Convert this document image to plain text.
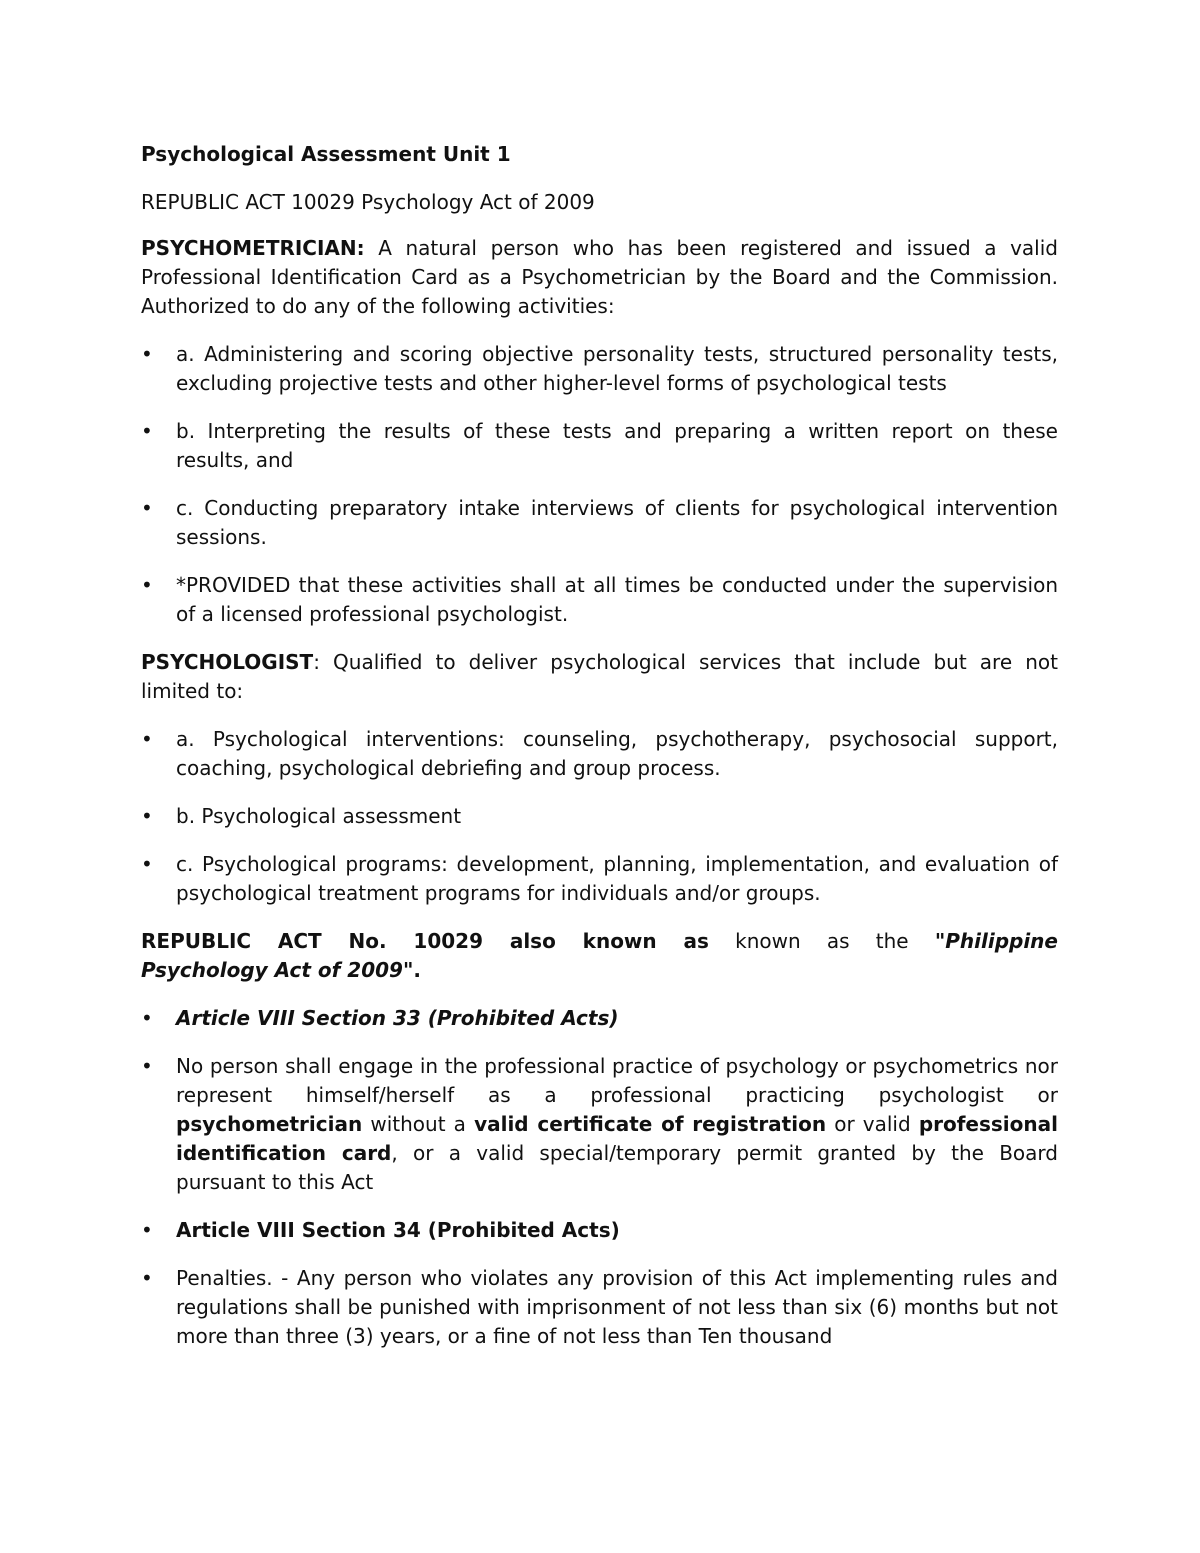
Psychological Assessment Unit 1

REPUBLIC ACT 10029 Psychology Act of 2009

PSYCHOMETRICIAN: A natural person who has been registered and issued a valid Professional Identification Card as a Psychometrician by the Board and the Commission. Authorized to do any of the following activities:

•	a. Administering and scoring objective personality tests, structured personality tests, excluding projective tests and other higher-level forms of psychological tests
•	b. Interpreting the results of these tests and preparing a written report on these results, and
•	c. Conducting preparatory intake interviews of clients for psychological intervention sessions.
•	*PROVIDED that these activities shall at all times be conducted under the supervision of a licensed professional psychologist.

PSYCHOLOGIST: Qualified to deliver psychological services that include but are not limited to:

•	a. Psychological interventions: counseling, psychotherapy, psychosocial support, coaching, psychological debriefing and group process.
•	b. Psychological assessment
•	c. Psychological programs: development, planning, implementation, and evaluation of psychological treatment programs for individuals and/or groups.

REPUBLIC ACT No. 10029 also known as known as the "Philippine Psychology Act of 2009".

•	Article VIII Section 33 (Prohibited Acts)
•	No person shall engage in the professional practice of psychology or psychometrics nor represent himself/herself as a professional practicing psychologist or psychometrician without a valid certificate of registration or valid professional identification card, or a valid special/temporary permit granted by the Board pursuant to this Act
•	Article VIII Section 34 (Prohibited Acts)
•	Penalties. - Any person who violates any provision of this Act implementing rules and regulations shall be punished with imprisonment of not less than six (6) months but not more than three (3) years, or a fine of not less than Ten thousand
